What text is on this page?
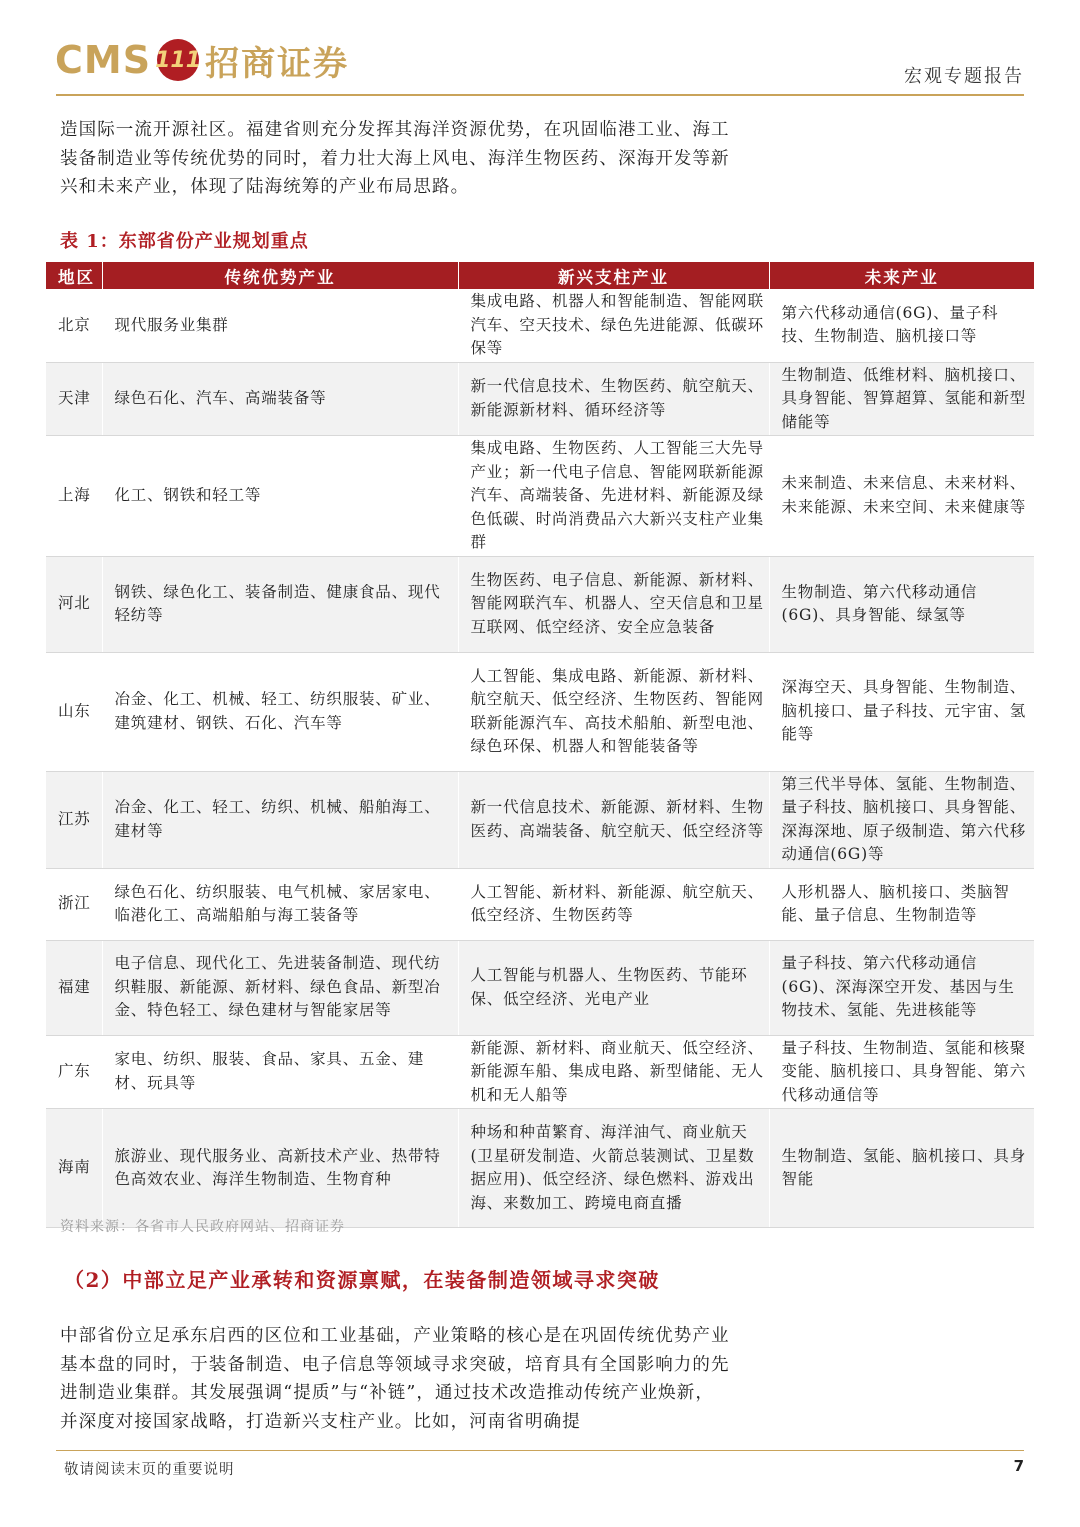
CMS 111 招商证券	宏观专题报告

造国际一流开源社区。福建省则充分发挥其海洋资源优势，在巩固临港工业、海工装备制造业等传统优势的同时，着力壮大海上风电、海洋生物医药、深海开发等新兴和未来产业，体现了陆海统筹的产业布局思路。

表 1：东部省份产业规划重点
地区	传统优势产业	新兴支柱产业	未来产业
北京	现代服务业集群	集成电路、机器人和智能制造、智能网联汽车、空天技术、绿色先进能源、低碳环保等	第六代移动通信(6G)、量子科技、生物制造、脑机接口等
天津	绿色石化、汽车、高端装备等	新一代信息技术、生物医药、航空航天、新能源新材料、循环经济等	生物制造、低维材料、脑机接口、具身智能、智算超算、氢能和新型储能等
上海	化工、钢铁和轻工等	集成电路、生物医药、人工智能三大先导产业；新一代电子信息、智能网联新能源汽车、高端装备、先进材料、新能源及绿色低碳、时尚消费品六大新兴支柱产业集群	未来制造、未来信息、未来材料、未来能源、未来空间、未来健康等
河北	钢铁、绿色化工、装备制造、健康食品、现代轻纺等	生物医药、电子信息、新能源、新材料、智能网联汽车、机器人、空天信息和卫星互联网、低空经济、安全应急装备	生物制造、第六代移动通信(6G)、具身智能、绿氢等
山东	冶金、化工、机械、轻工、纺织服装、矿业、建筑建材、钢铁、石化、汽车等	人工智能、集成电路、新能源、新材料、航空航天、低空经济、生物医药、智能网联新能源汽车、高技术船舶、新型电池、绿色环保、机器人和智能装备等	深海空天、具身智能、生物制造、脑机接口、量子科技、元宇宙、氢能等
江苏	冶金、化工、轻工、纺织、机械、船舶海工、建材等	新一代信息技术、新能源、新材料、生物医药、高端装备、航空航天、低空经济等	第三代半导体、氢能、生物制造、量子科技、脑机接口、具身智能、深海深地、原子级制造、第六代移动通信(6G)等
浙江	绿色石化、纺织服装、电气机械、家居家电、临港化工、高端船舶与海工装备等	人工智能、新材料、新能源、航空航天、低空经济、生物医药等	人形机器人、脑机接口、类脑智能、量子信息、生物制造等
福建	电子信息、现代化工、先进装备制造、现代纺织鞋服、新能源、新材料、绿色食品、新型冶金、特色轻工、绿色建材与智能家居等	人工智能与机器人、生物医药、节能环保、低空经济、光电产业	量子科技、第六代移动通信(6G)、深海深空开发、基因与生物技术、氢能、先进核能等
广东	家电、纺织、服装、食品、家具、五金、建材、玩具等	新能源、新材料、商业航天、低空经济、新能源车船、集成电路、新型储能、无人机和无人船等	量子科技、生物制造、氢能和核聚变能、脑机接口、具身智能、第六代移动通信等
海南	旅游业、现代服务业、高新技术产业、热带特色高效农业、海洋生物制造、生物育种	种场和种苗繁育、海洋油气、商业航天(卫星研发制造、火箭总装测试、卫星数据应用)、低空经济、绿色燃料、游戏出海、来数加工、跨境电商直播	生物制造、氢能、脑机接口、具身智能
资料来源：各省市人民政府网站、招商证券
（2）中部立足产业承转和资源禀赋，在装备制造领域寻求突破

中部省份立足承东启西的区位和工业基础，产业策略的核心是在巩固传统优势产业基本盘的同时，于装备制造、电子信息等领域寻求突破，培育具有全国影响力的先进制造业集群。其发展强调“提质”与“补链”，通过技术改造推动传统产业焕新，并深度对接国家战略，打造新兴支柱产业。比如，河南省明确提

敬请阅读末页的重要说明	7
